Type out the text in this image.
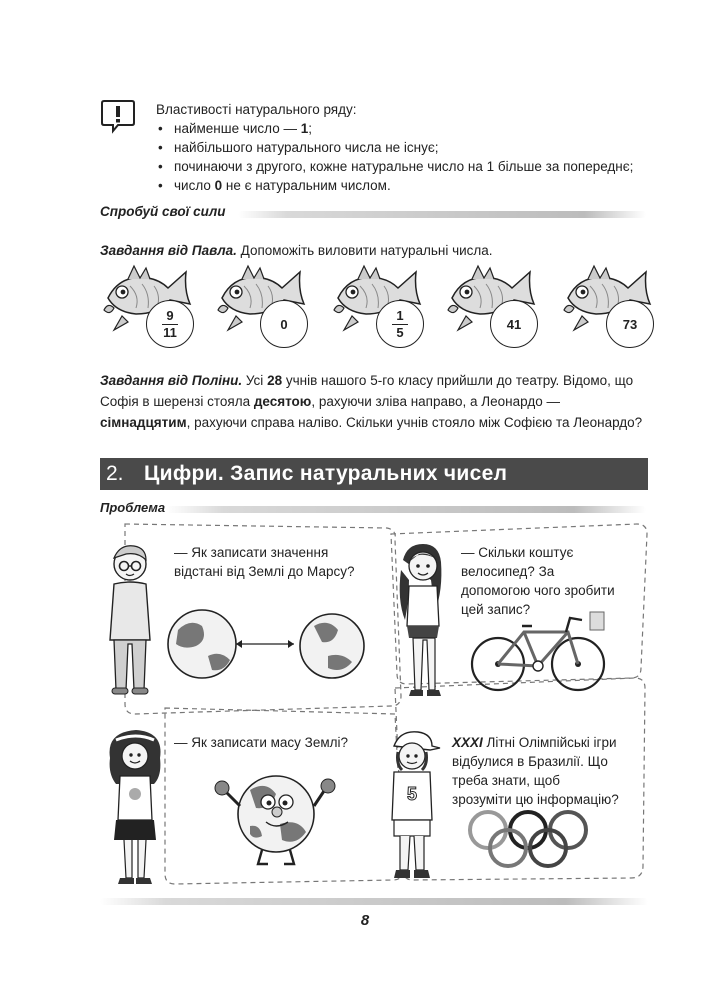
Властивості натурального ряду:

• найменше число — 1;
• найбільшого натурального числа не існує;
• починаючи з другого, кожне натуральне число на 1 більше за попереднє;
• число 0 не є натуральним числом.
Спробуй свої сили
Завдання від Павла. Допоможіть виловити натуральні числа.
$\frac{9}{11}$	0	$\frac{1}{5}$	41	73
Завдання від Поліни. Усі 28 учнів нашого 5-го класу прийшли до театру. Відомо, що Софія в шерензі стояла десятою, рахуючи зліва направо, а Леонардо — сімнадцятим, рахуючи справа наліво. Скільки учнів стояло між Софією та Леонардо?
2. Цифри. Запис натуральних чисел
Проблема
— Як записати значення відстані від Землі до Марсу?
— Скільки коштує велосипед? За допомогою чого зробити цей запис?
— Як записати масу Землі?
5
XXXI Літні Олімпійські ігри відбулися в Бразилії. Що треба знати, щоб зрозуміти цю інформацію?
8
